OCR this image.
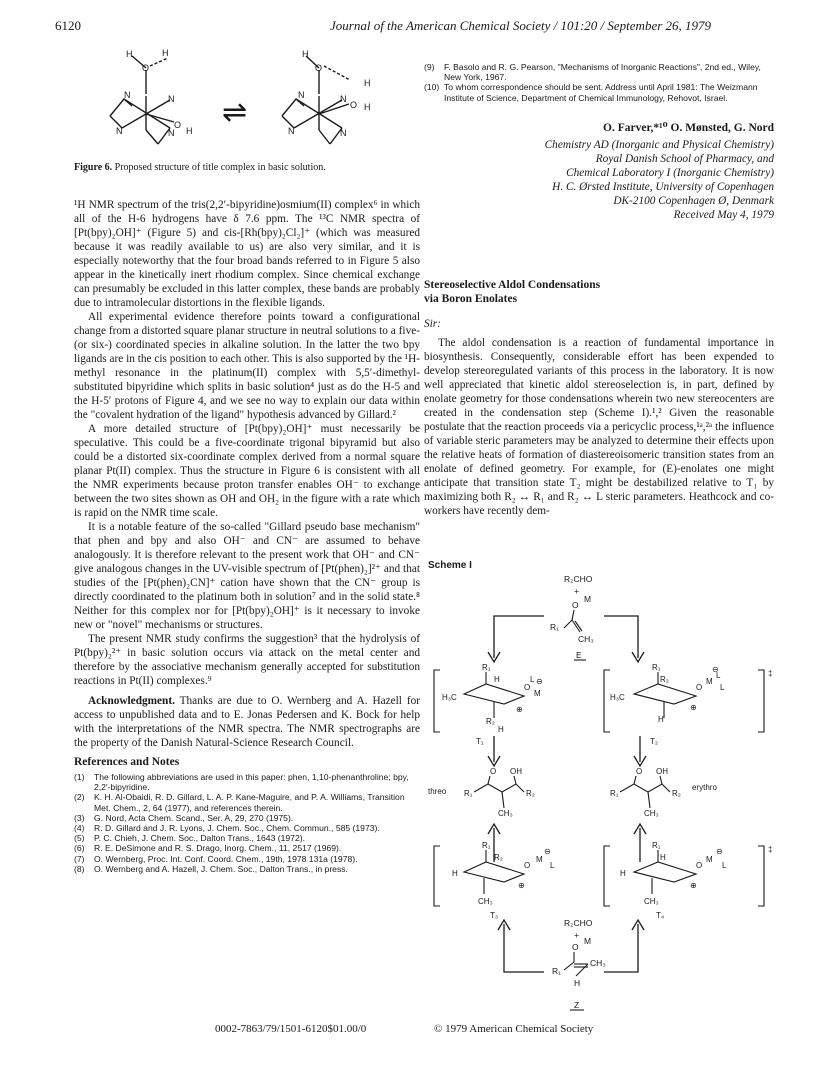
6120	Journal of the American Chemical Society / 101:20 / September 26, 1979
H
O
H
N	N
N	N
O
H
⇌
H
O
H
N	N
N	N
O H
Figure 6. Proposed structure of title complex in basic solution.

¹H NMR spectrum of the tris(2,2′-bipyridine)osmium(II) complex⁶ in which all of the H-6 hydrogens have δ 7.6 ppm. The ¹³C NMR spectra of [Pt(bpy)₂OH]⁺ (Figure 5) and cis-[Rh(bpy)₂Cl₂]⁺ (which was measured because it was readily available to us) are also very similar, and it is especially noteworthy that the four broad bands referred to in Figure 5 also appear in the kinetically inert rhodium complex. Since chemical exchange can presumably be excluded in this latter complex, these bands are probably due to intramolecular distortions in the flexible ligands.

All experimental evidence therefore points toward a configurational change from a distorted square planar structure in neutral solutions to a five- (or six-) coordinated species in alkaline solution. In the latter the two bpy ligands are in the cis position to each other. This is also supported by the ¹H-methyl resonance in the platinum(II) complex with 5,5′-dimethyl-substituted bipyridine which splits in basic solution⁴ just as do the H-5 and the H-5′ protons of Figure 4, and we see no way to explain our data within the "covalent hydration of the ligand" hypothesis advanced by Gillard.²

A more detailed structure of [Pt(bpy)₂OH]⁺ must necessarily be speculative. This could be a five-coordinate trigonal bipyramid but also could be a distorted six-coordinate complex derived from a normal square planar Pt(II) complex. Thus the structure in Figure 6 is consistent with all the NMR experiments because proton transfer enables OH⁻ to exchange between the two sites shown as OH and OH₂ in the figure with a rate which is rapid on the NMR time scale.

It is a notable feature of the so-called "Gillard pseudo base mechanism" that phen and bpy and also OH⁻ and CN⁻ are assumed to behave analogously. It is therefore relevant to the present work that OH⁻ and CN⁻ give analogous changes in the UV-visible spectrum of [Pt(phen)₂]²⁺ and that studies of the [Pt(phen)₂CN]⁺ cation have shown that the CN⁻ group is directly coordinated to the platinum both in solution⁷ and in the solid state.⁸ Neither for this complex nor for [Pt(bpy)₂OH]⁺ is it necessary to invoke new or "novel" mechanisms or structures.

The present NMR study confirms the suggestion³ that the hydrolysis of Pt(bpy)₂²⁺ in basic solution occurs via attack on the metal center and therefore by the associative mechanism generally accepted for substitution reactions in Pt(II) complexes.⁹

Acknowledgment. Thanks are due to O. Wernberg and A. Hazell for access to unpublished data and to E. Jonas Pedersen and K. Bock for help with the interpretations of the NMR spectra. The NMR spectrographs are the property of the Danish Natural-Science Research Council.

References and Notes

(1)	The following abbreviations are used in this paper: phen, 1,10-phenanthroline; bpy, 2,2′-bipyridine.

(2)	K. H. Al-Obaidi, R. D. Gillard, L. A. P. Kane-Maguire, and P. A. Williams, Transition Met. Chem., 2, 64 (1977), and references therein.

(3)	G. Nord, Acta Chem. Scand., Ser. A, 29, 270 (1975).

(4)	R. D. Gillard and J. R. Lyons, J. Chem. Soc., Chem. Commun., 585 (1973).

(5)	P. C. Chieh, J. Chem. Soc., Dalton Trans., 1643 (1972).

(6)	R. E. DeSimone and R. S. Drago, Inorg. Chem., 11, 2517 (1969).

(7)	O. Wernberg, Proc. Int. Conf. Coord. Chem., 19th, 1978 131a (1978).

(8)	O. Wernberg and A. Hazell, J. Chem. Soc., Dalton Trans., in press.

(9)	F. Basolo and R. G. Pearson, "Mechanisms of Inorganic Reactions", 2nd ed., Wiley, New York, 1967.

(10) To whom correspondence should be sent. Address until April 1981: The Weizmann Institute of Science, Department of Chemical Immunology, Rehovot, Israel.

O. Farver,*¹⁰ O. Mønsted, G. Nord
Chemistry AD (Inorganic and Physical Chemistry)
Royal Danish School of Pharmacy, and
Chemical Laboratory I (Inorganic Chemistry)
H. C. Ørsted Institute, University of Copenhagen
DK-2100 Copenhagen Ø, Denmark
Received May 4, 1979
Stereoselective Aldol Condensations
via Boron Enolates
Sir:

The aldol condensation is a reaction of fundamental importance in biosynthesis. Consequently, considerable effort has been expended to develop stereoregulated variants of this process in the laboratory. It is now well appreciated that kinetic aldol stereoselection is, in part, defined by enolate geometry for those condensations wherein two new stereocenters are created in the condensation step (Scheme I).¹,² Given the reasonable postulate that the reaction proceeds via a pericyclic process,¹ᵃ,²ᵃ the influence of variable steric parameters may be analyzed to determine their effects upon the relative heats of formation of diastereoisomeric transition states from an enolate of defined geometry. For example, for (E)-enolates one might anticipate that transition state T₂ might be destabilized relative to T₁ by maximizing both R₂ ↔ R₁ and R₂ ↔ L steric parameters. Heathcock and co-workers have recently dem-

Scheme I
R₂CHO
+
O
M
R₁
CH₃
E
R₁
H
H₃C
O
L
M
⊖
⊕
R₂
H
T₁
R₁
R₂
H₃C
O
M
L
L
⊖
⊕
H
‡
T₂
O OH
threo R₁	R₂
CH₃
O OH
R₁	R₂
erythro
CH₃
R₁
R₂
H
O
M
L
⊖
⊕
CH₃
T₃
R₁
H
H
O
M
L
⊖
⊕
CH₃
‡
T₄
R₂CHO
+
O
M
R₁
CH₃
H
Z
0002-7863/79/1501-6120$01.00/0	© 1979 American Chemical Society
